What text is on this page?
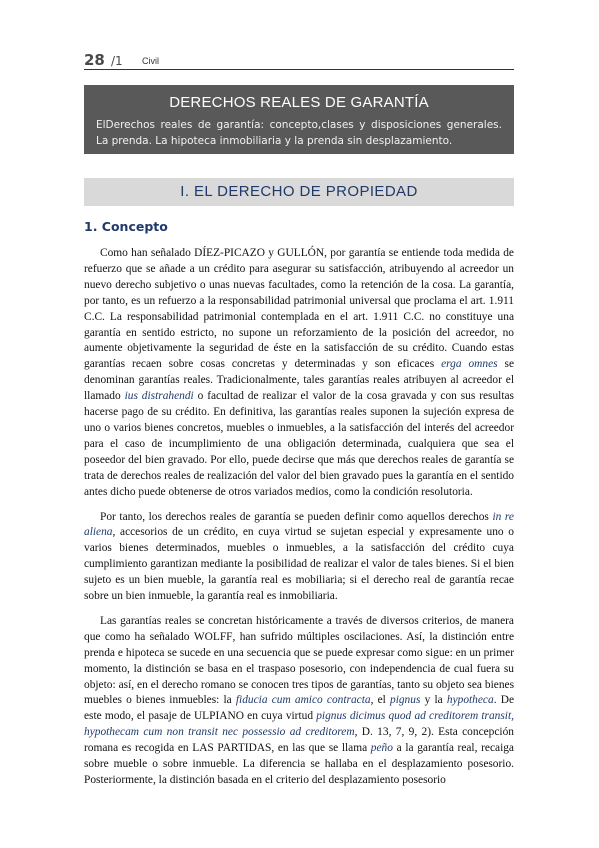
28 /1 Civil
DERECHOS REALES DE GARANTÍA

ElDerechos reales de garantía: concepto,clases y disposiciones generales. La prenda. La hipoteca inmobiliaria y la prenda sin desplazamiento.

I. EL DERECHO DE PROPIEDAD
1. Concepto

Como han señalado DÍEZ-PICAZO y GULLÓN, por garantía se entiende toda medida de refuerzo que se añade a un crédito para asegurar su satisfacción, atribuyendo al acreedor un nuevo derecho subjetivo o unas nuevas facultades, como la retención de la cosa. La garantía, por tanto, es un refuerzo a la responsabilidad patrimonial universal que proclama el art. 1.911 C.C. La responsabilidad patrimonial contemplada en el art. 1.911 C.C. no constituye una garantía en sentido estricto, no supone un reforzamiento de la posición del acreedor, no aumente objetivamente la seguridad de éste en la satisfacción de su crédito. Cuando estas garantías recaen sobre cosas concretas y determinadas y son eficaces erga omnes se denominan garantías reales. Tradicionalmente, tales garantías reales atribuyen al acreedor el llamado ius distrahendi o facultad de realizar el valor de la cosa gravada y con sus resultas hacerse pago de su crédito. En definitiva, las garantías reales suponen la sujeción expresa de uno o varios bienes concretos, muebles o inmuebles, a la satisfacción del interés del acreedor para el caso de incumplimiento de una obligación determinada, cualquiera que sea el poseedor del bien gravado. Por ello, puede decirse que más que derechos reales de garantía se trata de derechos reales de realización del valor del bien gravado pues la garantía en el sentido antes dicho puede obtenerse de otros variados medios, como la condición resolutoria.

Por tanto, los derechos reales de garantía se pueden definir como aquellos derechos in re aliena, accesorios de un crédito, en cuya virtud se sujetan especial y expresamente uno o varios bienes determinados, muebles o inmuebles, a la satisfacción del crédito cuya cumplimiento garantizan mediante la posibilidad de realizar el valor de tales bienes. Si el bien sujeto es un bien mueble, la garantía real es mobiliaria; si el derecho real de garantía recae sobre un bien inmueble, la garantía real es inmobiliaria.

Las garantías reales se concretan históricamente a través de diversos criterios, de manera que como ha señalado WOLFF, han sufrido múltiples oscilaciones. Así, la distinción entre prenda e hipoteca se sucede en una secuencia que se puede expresar como sigue: en un primer momento, la distinción se basa en el traspaso posesorio, con independencia de cual fuera su objeto: así, en el derecho romano se conocen tres tipos de garantías, tanto su objeto sea bienes muebles o bienes inmuebles: la fiducia cum amico contracta, el pignus y la hypotheca. De este modo, el pasaje de ULPIANO en cuya virtud pignus dicimus quod ad creditorem transit, hypothecam cum non transit nec possessio ad creditorem, D. 13, 7, 9, 2). Esta concepción romana es recogida en LAS PARTIDAS, en las que se llama peño a la garantía real, recaiga sobre mueble o sobre inmueble. La diferencia se hallaba en el desplazamiento posesorio. Posteriormente, la distinción basada en el criterio del desplazamiento posesorio
